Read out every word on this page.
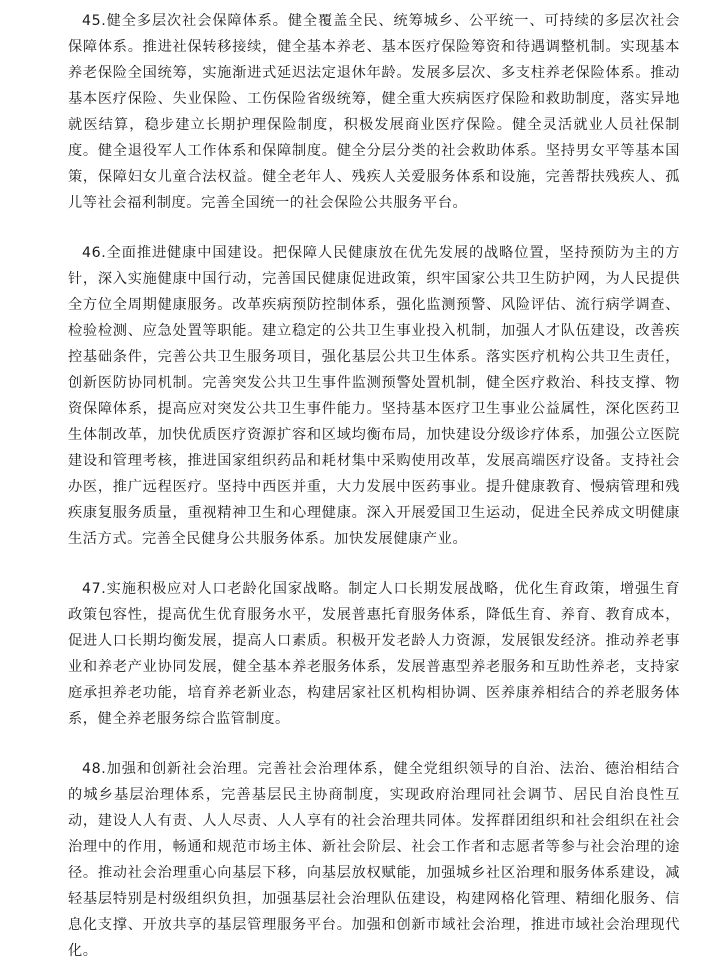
45.健全多层次社会保障体系。健全覆盖全民、统筹城乡、公平统一、可持续的多层次社会保障体系。推进社保转移接续，健全基本养老、基本医疗保险筹资和待遇调整机制。实现基本养老保险全国统筹，实施渐进式延迟法定退休年龄。发展多层次、多支柱养老保险体系。推动基本医疗保险、失业保险、工伤保险省级统筹，健全重大疾病医疗保险和救助制度，落实异地就医结算，稳步建立长期护理保险制度，积极发展商业医疗保险。健全灵活就业人员社保制度。健全退役军人工作体系和保障制度。健全分层分类的社会救助体系。坚持男女平等基本国策，保障妇女儿童合法权益。健全老年人、残疾人关爱服务体系和设施，完善帮扶残疾人、孤儿等社会福利制度。完善全国统一的社会保险公共服务平台。

46.全面推进健康中国建设。把保障人民健康放在优先发展的战略位置，坚持预防为主的方针，深入实施健康中国行动，完善国民健康促进政策，织牢国家公共卫生防护网，为人民提供全方位全周期健康服务。改革疾病预防控制体系，强化监测预警、风险评估、流行病学调查、检验检测、应急处置等职能。建立稳定的公共卫生事业投入机制，加强人才队伍建设，改善疾控基础条件，完善公共卫生服务项目，强化基层公共卫生体系。落实医疗机构公共卫生责任，创新医防协同机制。完善突发公共卫生事件监测预警处置机制，健全医疗救治、科技支撑、物资保障体系，提高应对突发公共卫生事件能力。坚持基本医疗卫生事业公益属性，深化医药卫生体制改革，加快优质医疗资源扩容和区域均衡布局，加快建设分级诊疗体系，加强公立医院建设和管理考核，推进国家组织药品和耗材集中采购使用改革，发展高端医疗设备。支持社会办医，推广远程医疗。坚持中西医并重，大力发展中医药事业。提升健康教育、慢病管理和残疾康复服务质量，重视精神卫生和心理健康。深入开展爱国卫生运动，促进全民养成文明健康生活方式。完善全民健身公共服务体系。加快发展健康产业。

47.实施积极应对人口老龄化国家战略。制定人口长期发展战略，优化生育政策，增强生育政策包容性，提高优生优育服务水平，发展普惠托育服务体系，降低生育、养育、教育成本，促进人口长期均衡发展，提高人口素质。积极开发老龄人力资源，发展银发经济。推动养老事业和养老产业协同发展，健全基本养老服务体系，发展普惠型养老服务和互助性养老，支持家庭承担养老功能，培育养老新业态，构建居家社区机构相协调、医养康养相结合的养老服务体系，健全养老服务综合监管制度。

48.加强和创新社会治理。完善社会治理体系，健全党组织领导的自治、法治、德治相结合的城乡基层治理体系，完善基层民主协商制度，实现政府治理同社会调节、居民自治良性互动，建设人人有责、人人尽责、人人享有的社会治理共同体。发挥群团组织和社会组织在社会治理中的作用，畅通和规范市场主体、新社会阶层、社会工作者和志愿者等参与社会治理的途径。推动社会治理重心向基层下移，向基层放权赋能，加强城乡社区治理和服务体系建设，减轻基层特别是村级组织负担，加强基层社会治理队伍建设，构建网格化管理、精细化服务、信息化支撑、开放共享的基层管理服务平台。加强和创新市域社会治理，推进市域社会治理现代化。
